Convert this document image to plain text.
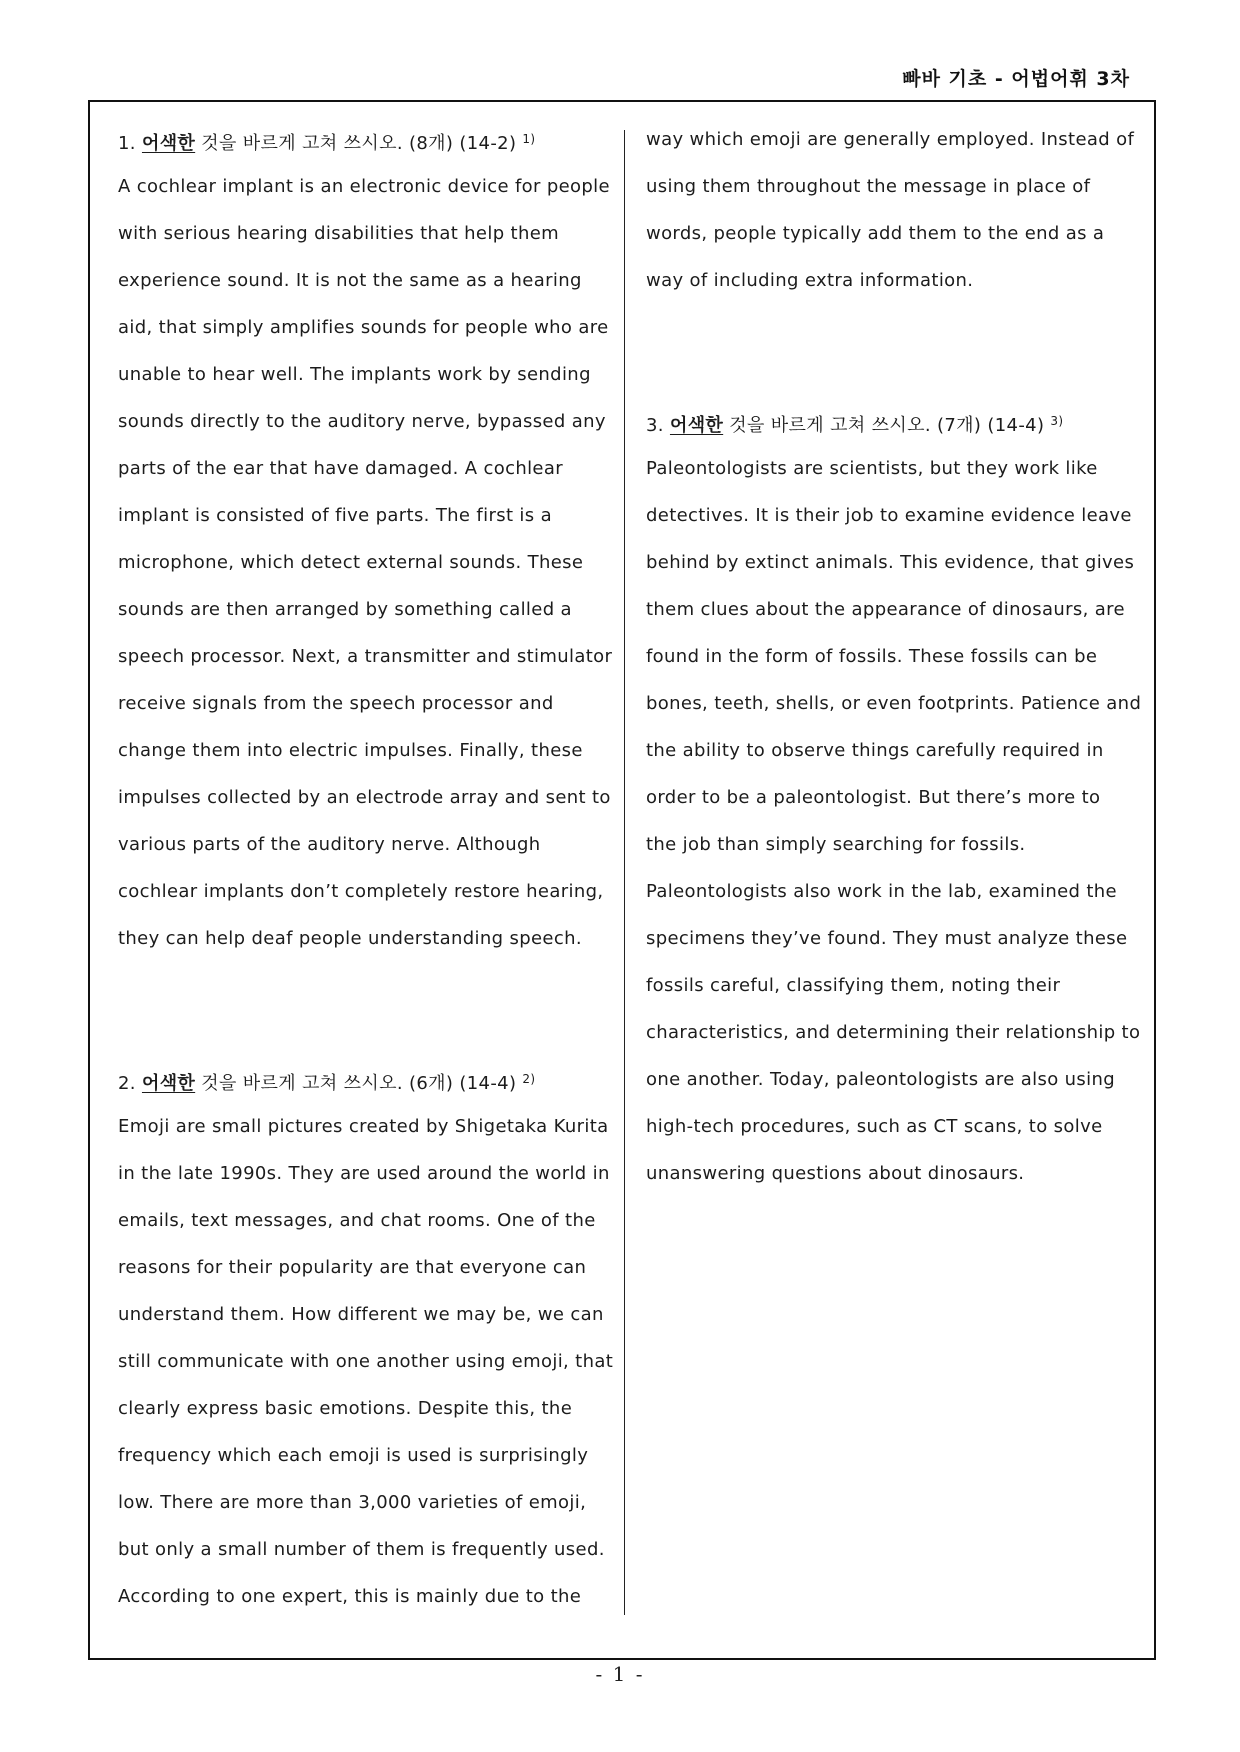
빠바 기초 - 어법어휘 3차
1. 어색한 것을 바르게 고쳐 쓰시오. (8개) (14-2) $^{1)}$
A cochlear implant is an electronic device for people
with serious hearing disabilities that help them
experience sound. It is not the same as a hearing
aid, that simply amplifies sounds for people who are
unable to hear well. The implants work by sending
sounds directly to the auditory nerve, bypassed any
parts of the ear that have damaged. A cochlear
implant is consisted of five parts. The first is a
microphone, which detect external sounds. These
sounds are then arranged by something called a
speech processor. Next, a transmitter and stimulator
receive signals from the speech processor and
change them into electric impulses. Finally, these
impulses collected by an electrode array and sent to
various parts of the auditory nerve. Although
cochlear implants don’t completely restore hearing,
they can help deaf people understanding speech.
2. 어색한 것을 바르게 고쳐 쓰시오. (6개) (14-4) $^{2)}$
Emoji are small pictures created by Shigetaka Kurita
in the late 1990s. They are used around the world in
emails, text messages, and chat rooms. One of the
reasons for their popularity are that everyone can
understand them. How different we may be, we can
still communicate with one another using emoji, that
clearly express basic emotions. Despite this, the
frequency which each emoji is used is surprisingly
low. There are more than 3,000 varieties of emoji,
but only a small number of them is frequently used.
According to one expert, this is mainly due to the
way which emoji are generally employed. Instead of
using them throughout the message in place of
words, people typically add them to the end as a
way of including extra information.
3. 어색한 것을 바르게 고쳐 쓰시오. (7개) (14-4) $^{3)}$
Paleontologists are scientists, but they work like
detectives. It is their job to examine evidence leave
behind by extinct animals. This evidence, that gives
them clues about the appearance of dinosaurs, are
found in the form of fossils. These fossils can be
bones, teeth, shells, or even footprints. Patience and
the ability to observe things carefully required in
order to be a paleontologist. But there’s more to
the job than simply searching for fossils.
Paleontologists also work in the lab, examined the
specimens they’ve found. They must analyze these
fossils careful, classifying them, noting their
characteristics, and determining their relationship to
one another. Today, paleontologists are also using
high-tech procedures, such as CT scans, to solve
unanswering questions about dinosaurs.
- 1 -
